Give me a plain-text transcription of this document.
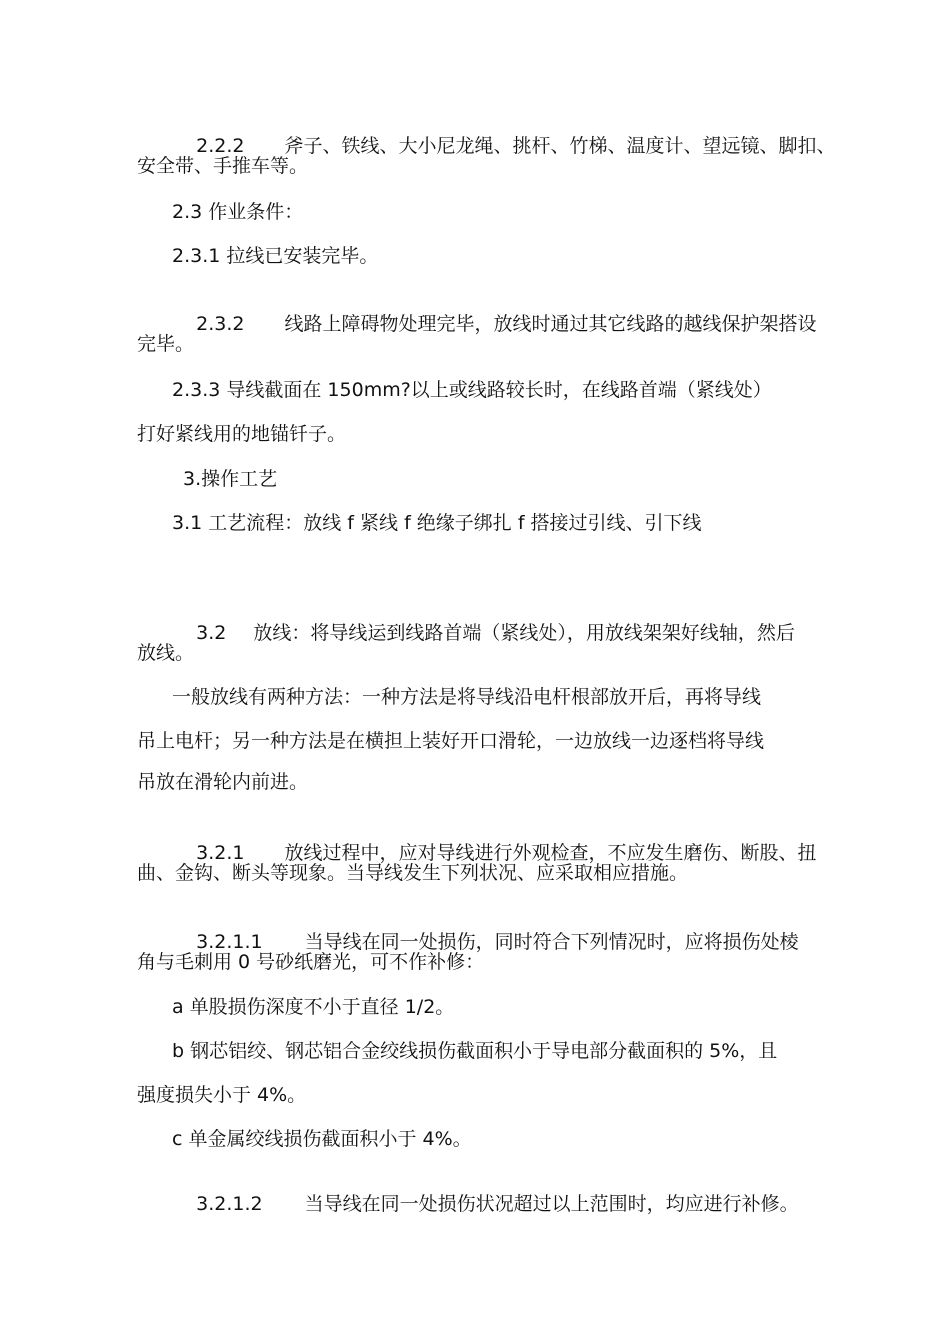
2.2.2 斧子、铁线、大小尼龙绳、挑杆、竹梯、温度计、望远镜、脚扣、

安全带、手推车等。
2.3 作业条件：
2.3.1 拉线已安装完毕。

2.3.2 线路上障碍物处理完毕，放线时通过其它线路的越线保护架搭设

完毕。
2.3.3 导线截面在 150mm?以上或线路较长时，在线路首端（紧线处）
打好紧线用的地锚钎子。
3.操作工艺
3.1 工艺流程：放线 f 紧线 f 绝缘子绑扎 f 搭接过引线、引下线

3.2 放线：将导线运到线路首端（紧线处），用放线架架好线轴，然后

放线。
一般放线有两种方法：一种方法是将导线沿电杆根部放开后，再将导线
吊上电杆；另一种方法是在横担上装好开口滑轮，一边放线一边逐档将导线
吊放在滑轮内前进。

3.2.1 放线过程中，应对导线进行外观检查，不应发生磨伤、断股、扭

曲、金钩、断头等现象。当导线发生下列状况、应采取相应措施。

3.2.1.1 当导线在同一处损伤，同时符合下列情况时，应将损伤处棱

角与毛刺用 0 号砂纸磨光，可不作补修：
a 单股损伤深度不小于直径 1/2。
b 钢芯铝绞、钢芯铝合金绞线损伤截面积小于导电部分截面积的 5%，且
强度损失小于 4%。
c 单金属绞线损伤截面积小于 4%。

3.2.1.2 当导线在同一处损伤状况超过以上范围时，均应进行补修。
